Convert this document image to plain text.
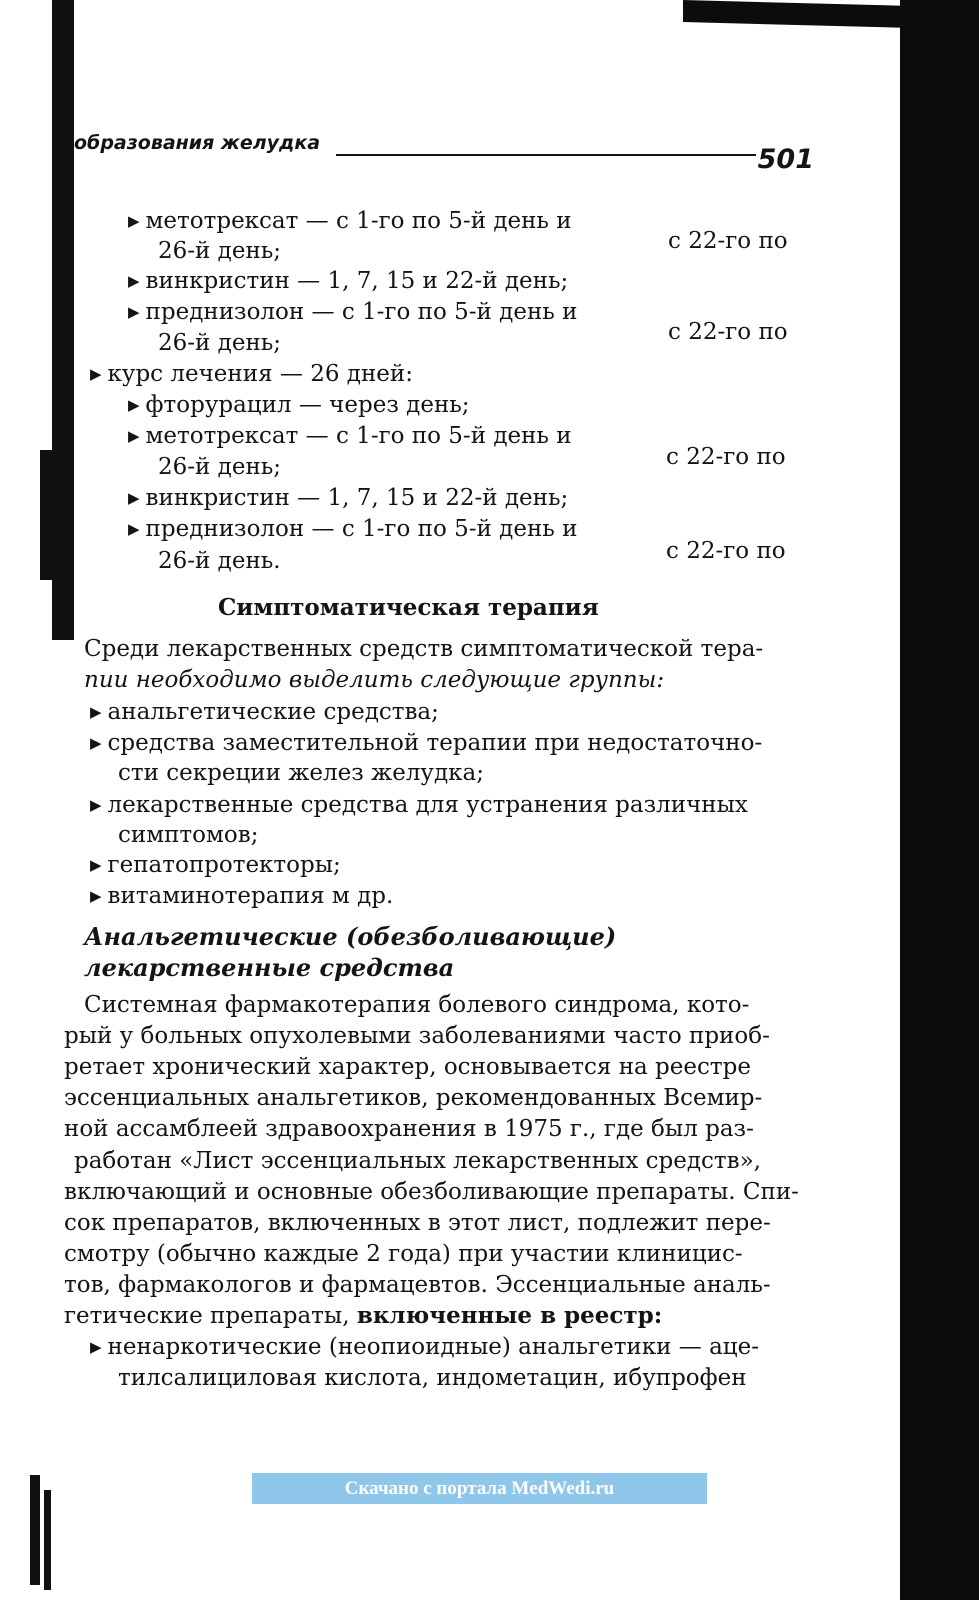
образования желудка
501
▶ метотрексат — с 1-го по 5-й день и
с 22-го по
26-й день;
▶ винкристин — 1, 7, 15 и 22-й день;
▶ преднизолон — с 1-го по 5-й день и
с 22-го по
26-й день;
▶ курс лечения — 26 дней:
▶ фторурацил — через день;
▶ метотрексат — с 1-го по 5-й день и
с 22-го по
26-й день;
▶ винкристин — 1, 7, 15 и 22-й день;
▶ преднизолон — с 1-го по 5-й день и
с 22-го по
26-й день.
Симптоматическая терапия
Среди лекарственных средств симптоматической тера-
пии необходимо выделить следующие группы:
▶ анальгетические средства;
▶ средства заместительной терапии при недостаточно-
сти секреции желез желудка;
▶ лекарственные средства для устранения различных
симптомов;
▶ гепатопротекторы;
▶ витаминотерапия м др.
Анальгетические (обезболивающие)
лекарственные средства
Системная фармакотерапия болевого синдрома, кото-
рый у больных опухолевыми заболеваниями часто приоб-
ретает хронический характер, основывается на реестре
эссенциальных анальгетиков, рекомендованных Всемир-
ной ассамблеей здравоохранения в 1975 г., где был раз-
работан «Лист эссенциальных лекарственных средств»,
включающий и основные обезболивающие препараты. Спи-
сок препаратов, включенных в этот лист, подлежит пере-
смотру (обычно каждые 2 года) при участии клиницис-
тов, фармакологов и фармацевтов. Эссенциальные аналь-
гетические препараты, включенные в реестр:
▶ ненаркотические (неопиоидные) анальгетики — аце-
тилсалициловая кислота, индометацин, ибупрофен
Скачано с портала MedWedi.ru
